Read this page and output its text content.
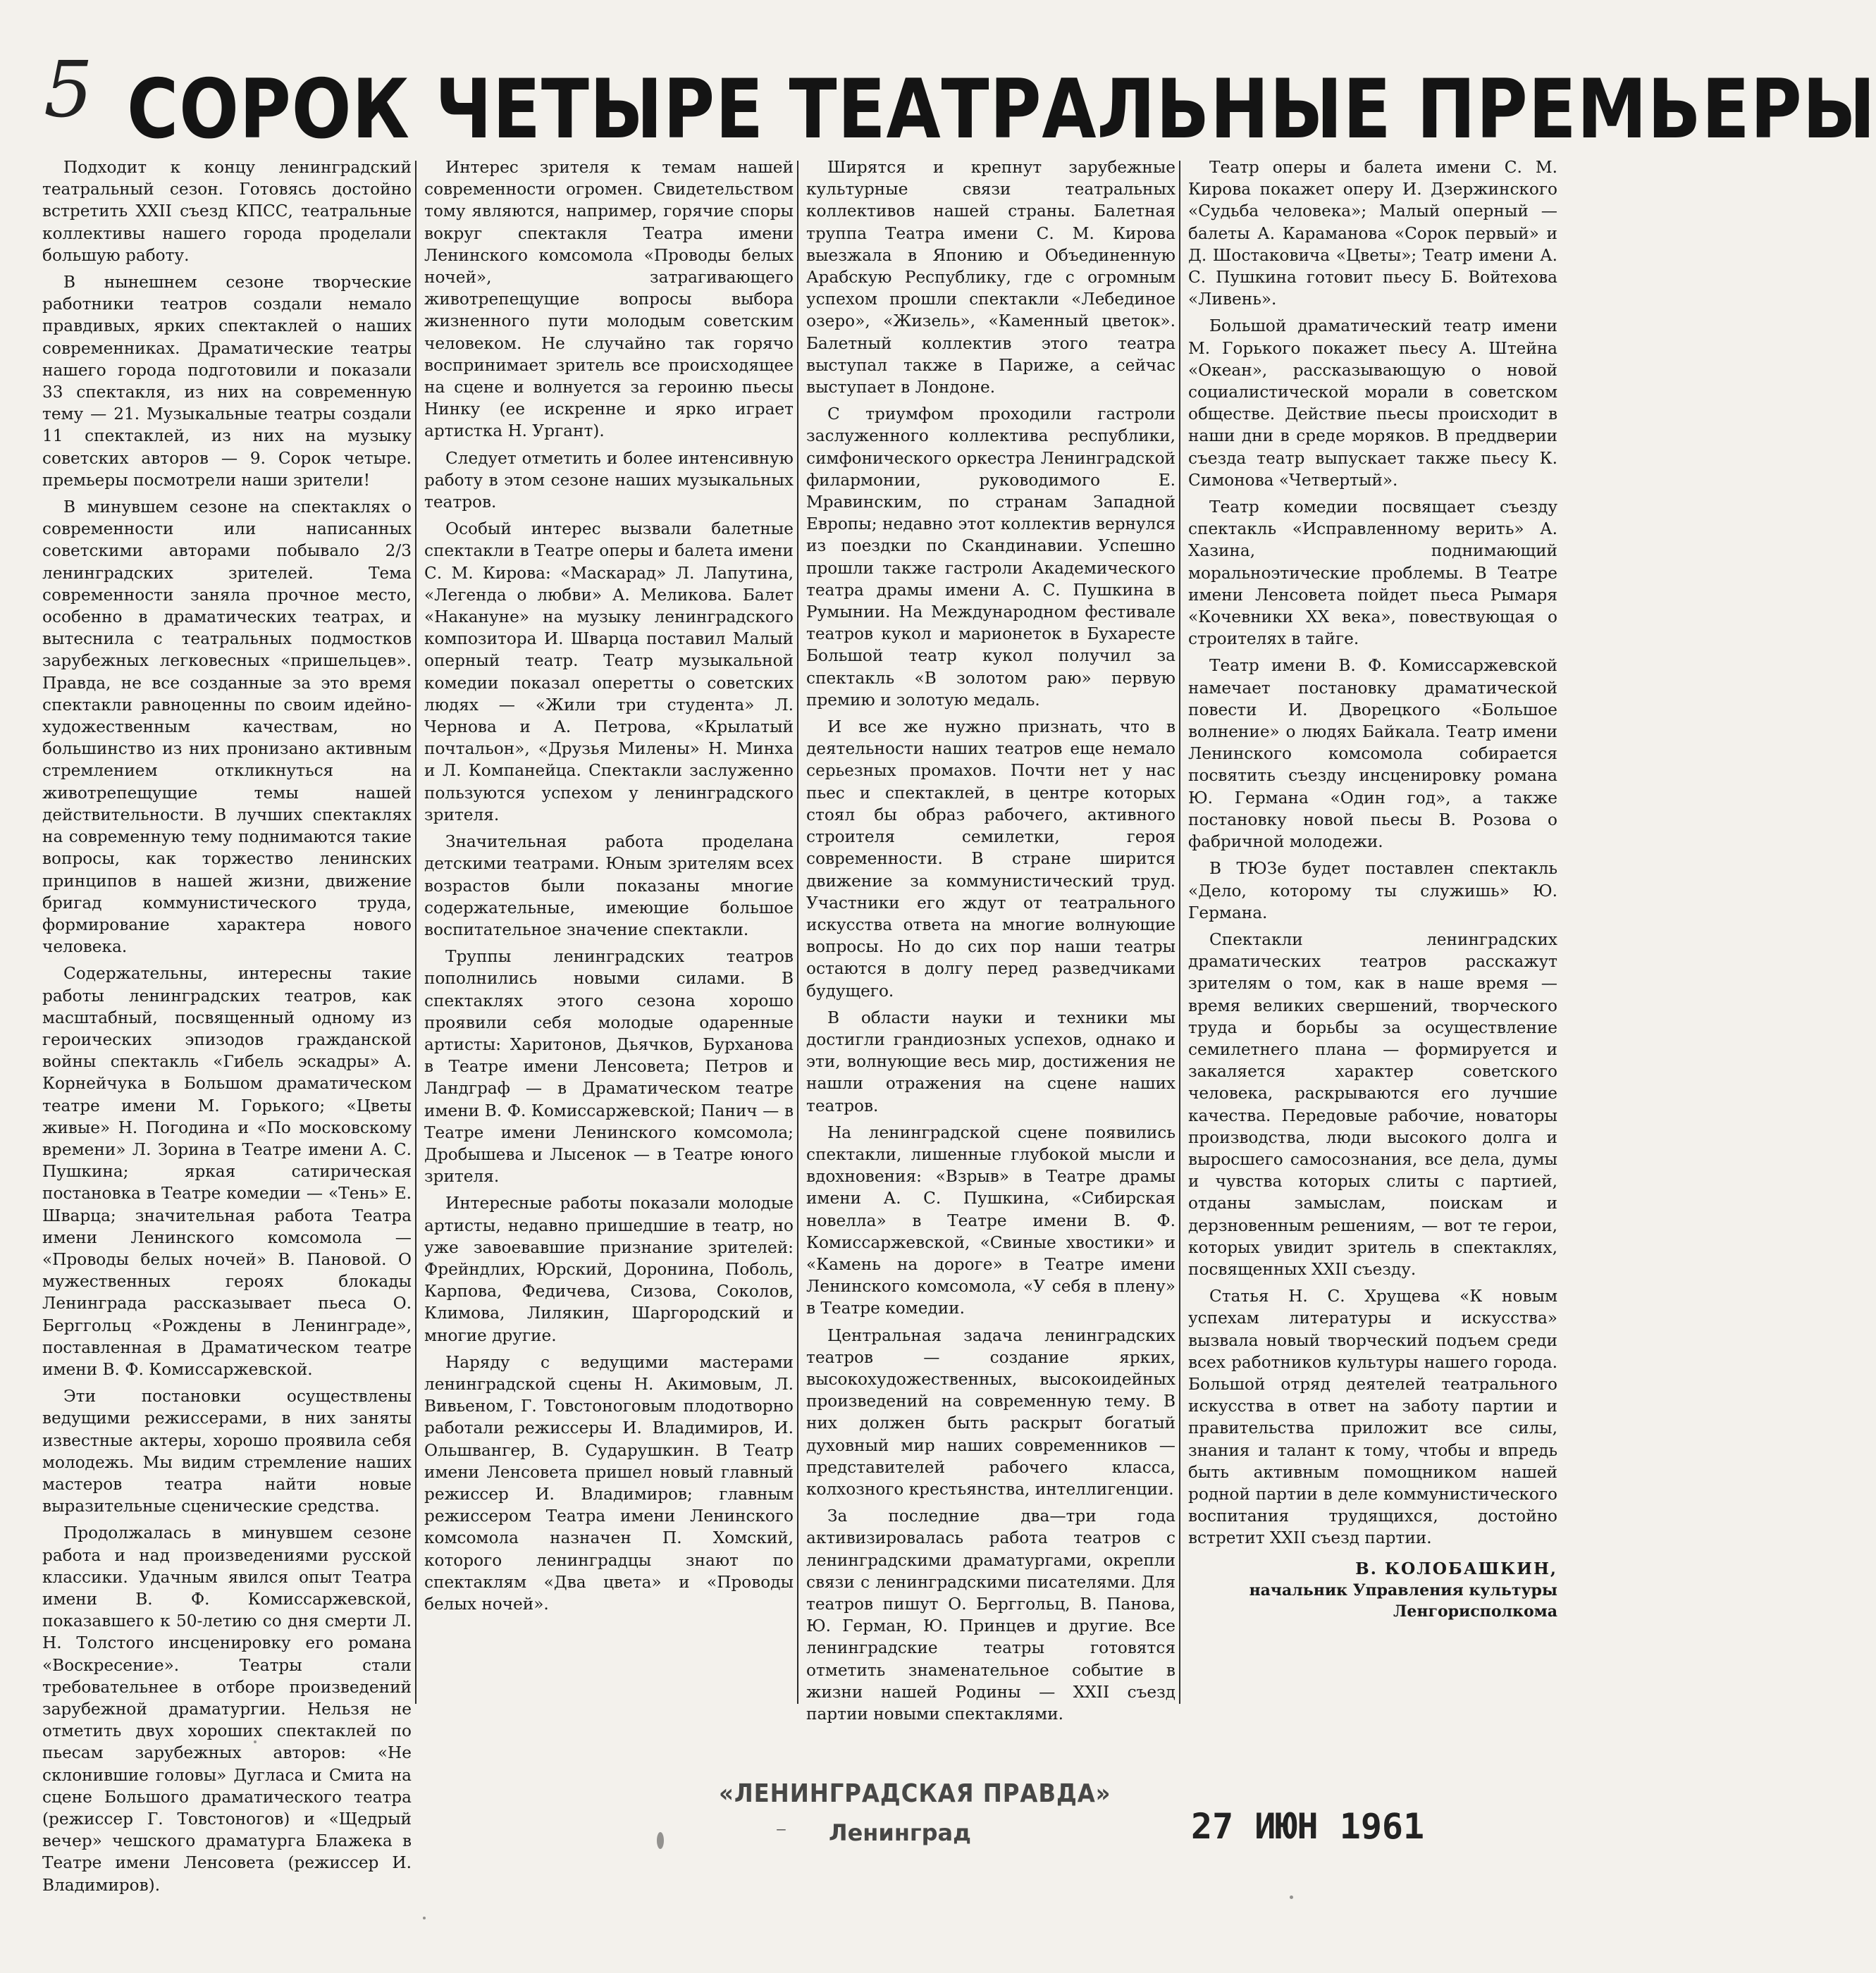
5 СОРОК ЧЕТЫРЕ ТЕАТРАЛЬНЫЕ ПРЕМЬЕРЫ

Подходит к концу ленинградский театральный сезон. Готовясь достойно встретить XXII съезд КПСС, театральные коллективы нашего города проделали большую работу.

В нынешнем сезоне творческие работники театров создали немало правдивых, ярких спектаклей о наших современниках. Драматические театры нашего города подготовили и показали 33 спектакля, из них на современную тему — 21. Музыкальные театры создали 11 спектаклей, из них на музыку советских авторов — 9. Сорок четыре. премьеры посмотрели наши зрители!

В минувшем сезоне на спектаклях о современности или написанных советскими авторами побывало 2/3 ленинградских зрителей. Тема современности заняла прочное место, особенно в драматических театрах, и вытеснила с театральных подмостков зарубежных легковесных «пришельцев». Правда, не все созданные за это время спектакли равноценны по своим идейно-художественным качествам, но большинство из них пронизано активным стремлением откликнуться на животрепещущие темы нашей действительности. В лучших спектаклях на современную тему поднимаются такие вопросы, как торжество ленинских принципов в нашей жизни, движение бригад коммунистического труда, формирование характера нового человека.

Содержательны, интересны такие работы ленинградских театров, как масштабный, посвященный одному из героических эпизодов гражданской войны спектакль «Гибель эскадры» А. Корнейчука в Большом драматическом театре имени М. Горького; «Цветы живые» Н. Погодина и «По московскому времени» Л. Зорина в Театре имени А. С. Пушкина; яркая сатирическая постановка в Театре комедии — «Тень» Е. Шварца; значительная работа Театра имени Ленинского комсомола — «Проводы белых ночей» В. Пановой. О мужественных героях блокады Ленинграда рассказывает пьеса О. Берггольц «Рождены в Ленинграде», поставленная в Драматическом театре имени В. Ф. Комиссаржевской.

Эти постановки осуществлены ведущими режиссерами, в них заняты известные актеры, хорошо проявила себя молодежь. Мы видим стремление наших мастеров театра найти новые выразительные сценические средства.

Продолжалась в минувшем сезоне работа и над произведениями русской классики. Удачным явился опыт Театра имени В. Ф. Комиссаржевской, показавшего к 50-летию со дня смерти Л. Н. Толстого инсценировку его романа «Воскресение». Театры стали требовательнее в отборе произведений зарубежной драматургии. Нельзя не отметить двух хороших спектаклей по пьесам зарубежных авторов: «Не склонившие головы» Дугласа и Смита на сцене Большого драматического театра (режиссер Г. Товстоногов) и «Щедрый вечер» чешского драматурга Блажека в Театре имени Ленсовета (режиссер И. Владимиров).

Интерес зрителя к темам нашей современности огромен. Свидетельством тому являются, например, горячие споры вокруг спектакля Театра имени Ленинского комсомола «Проводы белых ночей», затрагивающего животрепещущие вопросы выбора жизненного пути молодым советским человеком. Не случайно так горячо воспринимает зритель все происходящее на сцене и волнуется за героиню пьесы Нинку (ее искренне и ярко играет артистка Н. Ургант).

Следует отметить и более интенсивную работу в этом сезоне наших музыкальных театров.

Особый интерес вызвали балетные спектакли в Театре оперы и балета имени С. М. Кирова: «Маскарад» Л. Лапутина, «Легенда о любви» А. Меликова. Балет «Накануне» на музыку ленинградского композитора И. Шварца поставил Малый оперный театр. Театр музыкальной комедии показал оперетты о советских людях — «Жили три студента» Л. Чернова и А. Петрова, «Крылатый почтальон», «Друзья Милены» Н. Минха и Л. Компанейца. Спектакли заслуженно пользуются успехом у ленинградского зрителя.

Значительная работа проделана детскими театрами. Юным зрителям всех возрастов были показаны многие содержательные, имеющие большое воспитательное значение спектакли.

Труппы ленинградских театров пополнились новыми силами. В спектаклях этого сезона хорошо проявили себя молодые одаренные артисты: Харитонов, Дьячков, Бурханова в Театре имени Ленсовета; Петров и Ландграф — в Драматическом театре имени В. Ф. Комиссаржевской; Панич — в Театре имени Ленинского комсомола; Дробышева и Лысенок — в Театре юного зрителя.

Интересные работы показали молодые артисты, недавно пришедшие в театр, но уже завоевавшие признание зрителей: Фрейндлих, Юрский, Доронина, Поболь, Карпова, Федичева, Сизова, Соколов, Климова, Лилякин, Шаргородский и многие другие.

Наряду с ведущими мастерами ленинградской сцены Н. Акимовым, Л. Вивьеном, Г. Товстоноговым плодотворно работали режиссеры И. Владимиров, И. Ольшвангер, В. Сударушкин. В Театр имени Ленсовета пришел новый главный режиссер И. Владимиров; главным режиссером Театра имени Ленинского комсомола назначен П. Хомский, которого ленинградцы знают по спектаклям «Два цвета» и «Проводы белых ночей».

Ширятся и крепнут зарубежные культурные связи театральных коллективов нашей страны. Балетная труппа Театра имени С. М. Кирова выезжала в Японию и Объединенную Арабскую Республику, где с огромным успехом прошли спектакли «Лебединое озеро», «Жизель», «Каменный цветок». Балетный коллектив этого театра выступал также в Париже, а сейчас выступает в Лондоне.

С триумфом проходили гастроли заслуженного коллектива республики, симфонического оркестра Ленинградской филармонии, руководимого Е. Мравинским, по странам Западной Европы; недавно этот коллектив вернулся из поездки по Скандинавии. Успешно прошли также гастроли Академического театра драмы имени А. С. Пушкина в Румынии. На Международном фестивале театров кукол и марионеток в Бухаресте Большой театр кукол получил за спектакль «В золотом раю» первую премию и золотую медаль.

И все же нужно признать, что в деятельности наших театров еще немало серьезных промахов. Почти нет у нас пьес и спектаклей, в центре которых стоял бы образ рабочего, активного строителя семилетки, героя современности. В стране ширится движение за коммунистический труд. Участники его ждут от театрального искусства ответа на многие волнующие вопросы. Но до сих пор наши театры остаются в долгу перед разведчиками будущего.

В области науки и техники мы достигли грандиозных успехов, однако и эти, волнующие весь мир, достижения не нашли отражения на сцене наших театров.

На ленинградской сцене появились спектакли, лишенные глубокой мысли и вдохновения: «Взрыв» в Театре драмы имени А. С. Пушкина, «Сибирская новелла» в Театре имени В. Ф. Комиссаржевской, «Свиные хвостики» и «Камень на дороге» в Театре имени Ленинского комсомола, «У себя в плену» в Театре комедии.

Центральная задача ленинградских театров — создание ярких, высокохудожественных, высокоидейных произведений на современную тему. В них должен быть раскрыт богатый духовный мир наших современников — представителей рабочего класса, колхозного крестьянства, интеллигенции.

За последние два—три года активизировалась работа театров с ленинградскими драматургами, окрепли связи с ленинградскими писателями. Для театров пишут О. Берггольц, В. Панова, Ю. Герман, Ю. Принцев и другие. Все ленинградские театры готовятся отметить знаменательное событие в жизни нашей Родины — XXII съезд партии новыми спектаклями.

Театр оперы и балета имени С. М. Кирова покажет оперу И. Дзержинского «Судьба человека»; Малый оперный — балеты А. Караманова «Сорок первый» и Д. Шостаковича «Цветы»; Театр имени А. С. Пушкина готовит пьесу Б. Войтехова «Ливень».

Большой драматический театр имени М. Горького покажет пьесу А. Штейна «Океан», рассказывающую о новой социалистической морали в советском обществе. Действие пьесы происходит в наши дни в среде моряков. В преддверии съезда театр выпускает также пьесу К. Симонова «Четвертый».

Театр комедии посвящает съезду спектакль «Исправленному верить» А. Хазина, поднимающий моральноэтические проблемы. В Театре имени Ленсовета пойдет пьеса Рымаря «Кочевники XX века», повествующая о строителях в тайге.

Театр имени В. Ф. Комиссаржевской намечает постановку драматической повести И. Дворецкого «Большое волнение» о людях Байкала. Театр имени Ленинского комсомола собирается посвятить съезду инсценировку романа Ю. Германа «Один год», а также постановку новой пьесы В. Розова о фабричной молодежи.

В ТЮЗе будет поставлен спектакль «Дело, которому ты служишь» Ю. Германа.

Спектакли ленинградских драматических театров расскажут зрителям о том, как в наше время — время великих свершений, творческого труда и борьбы за осуществление семилетнего плана — формируется и закаляется характер советского человека, раскрываются его лучшие качества. Передовые рабочие, новаторы производства, люди высокого долга и выросшего самосознания, все дела, думы и чувства которых слиты с партией, отданы замыслам, поискам и дерзновенным решениям, — вот те герои, которых увидит зритель в спектаклях, посвященных XXII съезду.

Статья Н. С. Хрущева «К новым успехам литературы и искусства» вызвала новый творческий подъем среди всех работников культуры нашего города. Большой отряд деятелей театрального искусства в ответ на заботу партии и правительства приложит все силы, знания и талант к тому, чтобы и впредь быть активным помощником нашей родной партии в деле коммунистического воспитания трудящихся, достойно встретит XXII съезд партии.

В. КОЛОБАШКИН,

начальник Управления культуры

Ленгорисполкома

«ЛЕНИНГРАДСКАЯ ПРАВДА»
⁻	Ленинград	27 ИЮН 1961
